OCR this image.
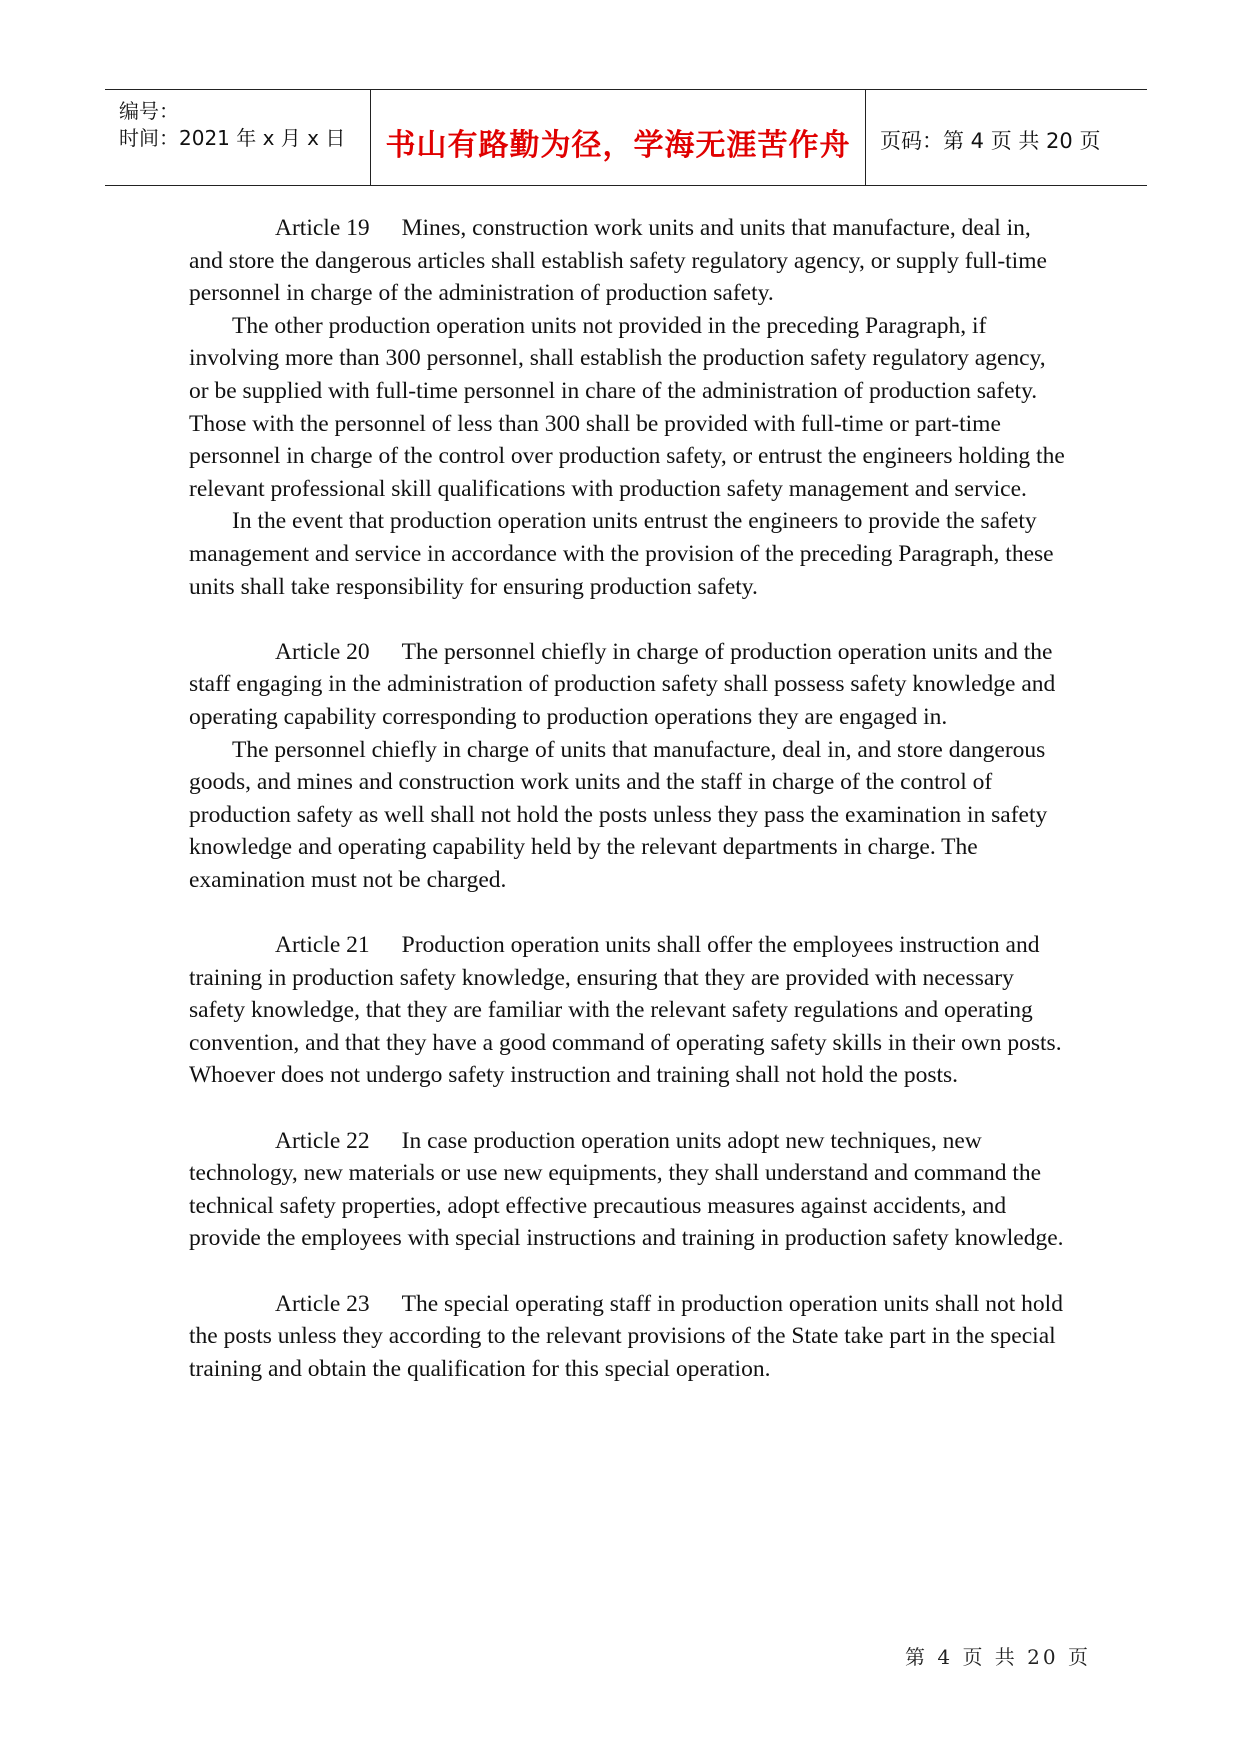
编号：
时间：2021 年 x 月 x 日	书山有路勤为径，学海无涯苦作舟	页码：第 4 页 共 20 页

Article 19 Mines, construction work units and units that manufacture, deal in, and store the dangerous articles shall establish safety regulatory agency, or supply full-time personnel in charge of the administration of production safety.

The other production operation units not provided in the preceding Paragraph, if involving more than 300 personnel, shall establish the production safety regulatory agency, or be supplied with full-time personnel in chare of the administration of production safety. Those with the personnel of less than 300 shall be provided with full-time or part-time personnel in charge of the control over production safety, or entrust the engineers holding the relevant professional skill qualifications with production safety management and service.

In the event that production operation units entrust the engineers to provide the safety management and service in accordance with the provision of the preceding Paragraph, these units shall take responsibility for ensuring production safety.

Article 20 The personnel chiefly in charge of production operation units and the staff engaging in the administration of production safety shall possess safety knowledge and operating capability corresponding to production operations they are engaged in.

The personnel chiefly in charge of units that manufacture, deal in, and store dangerous goods, and mines and construction work units and the staff in charge of the control of production safety as well shall not hold the posts unless they pass the examination in safety knowledge and operating capability held by the relevant departments in charge. The examination must not be charged.

Article 21 Production operation units shall offer the employees instruction and training in production safety knowledge, ensuring that they are provided with necessary safety knowledge, that they are familiar with the relevant safety regulations and operating convention, and that they have a good command of operating safety skills in their own posts. Whoever does not undergo safety instruction and training shall not hold the posts.

Article 22 In case production operation units adopt new techniques, new technology, new materials or use new equipments, they shall understand and command the technical safety properties, adopt effective precautious measures against accidents, and provide the employees with special instructions and training in production safety knowledge.

Article 23 The special operating staff in production operation units shall not hold the posts unless they according to the relevant provisions of the State take part in the special training and obtain the qualification for this special operation.

第 4 页 共 20 页
